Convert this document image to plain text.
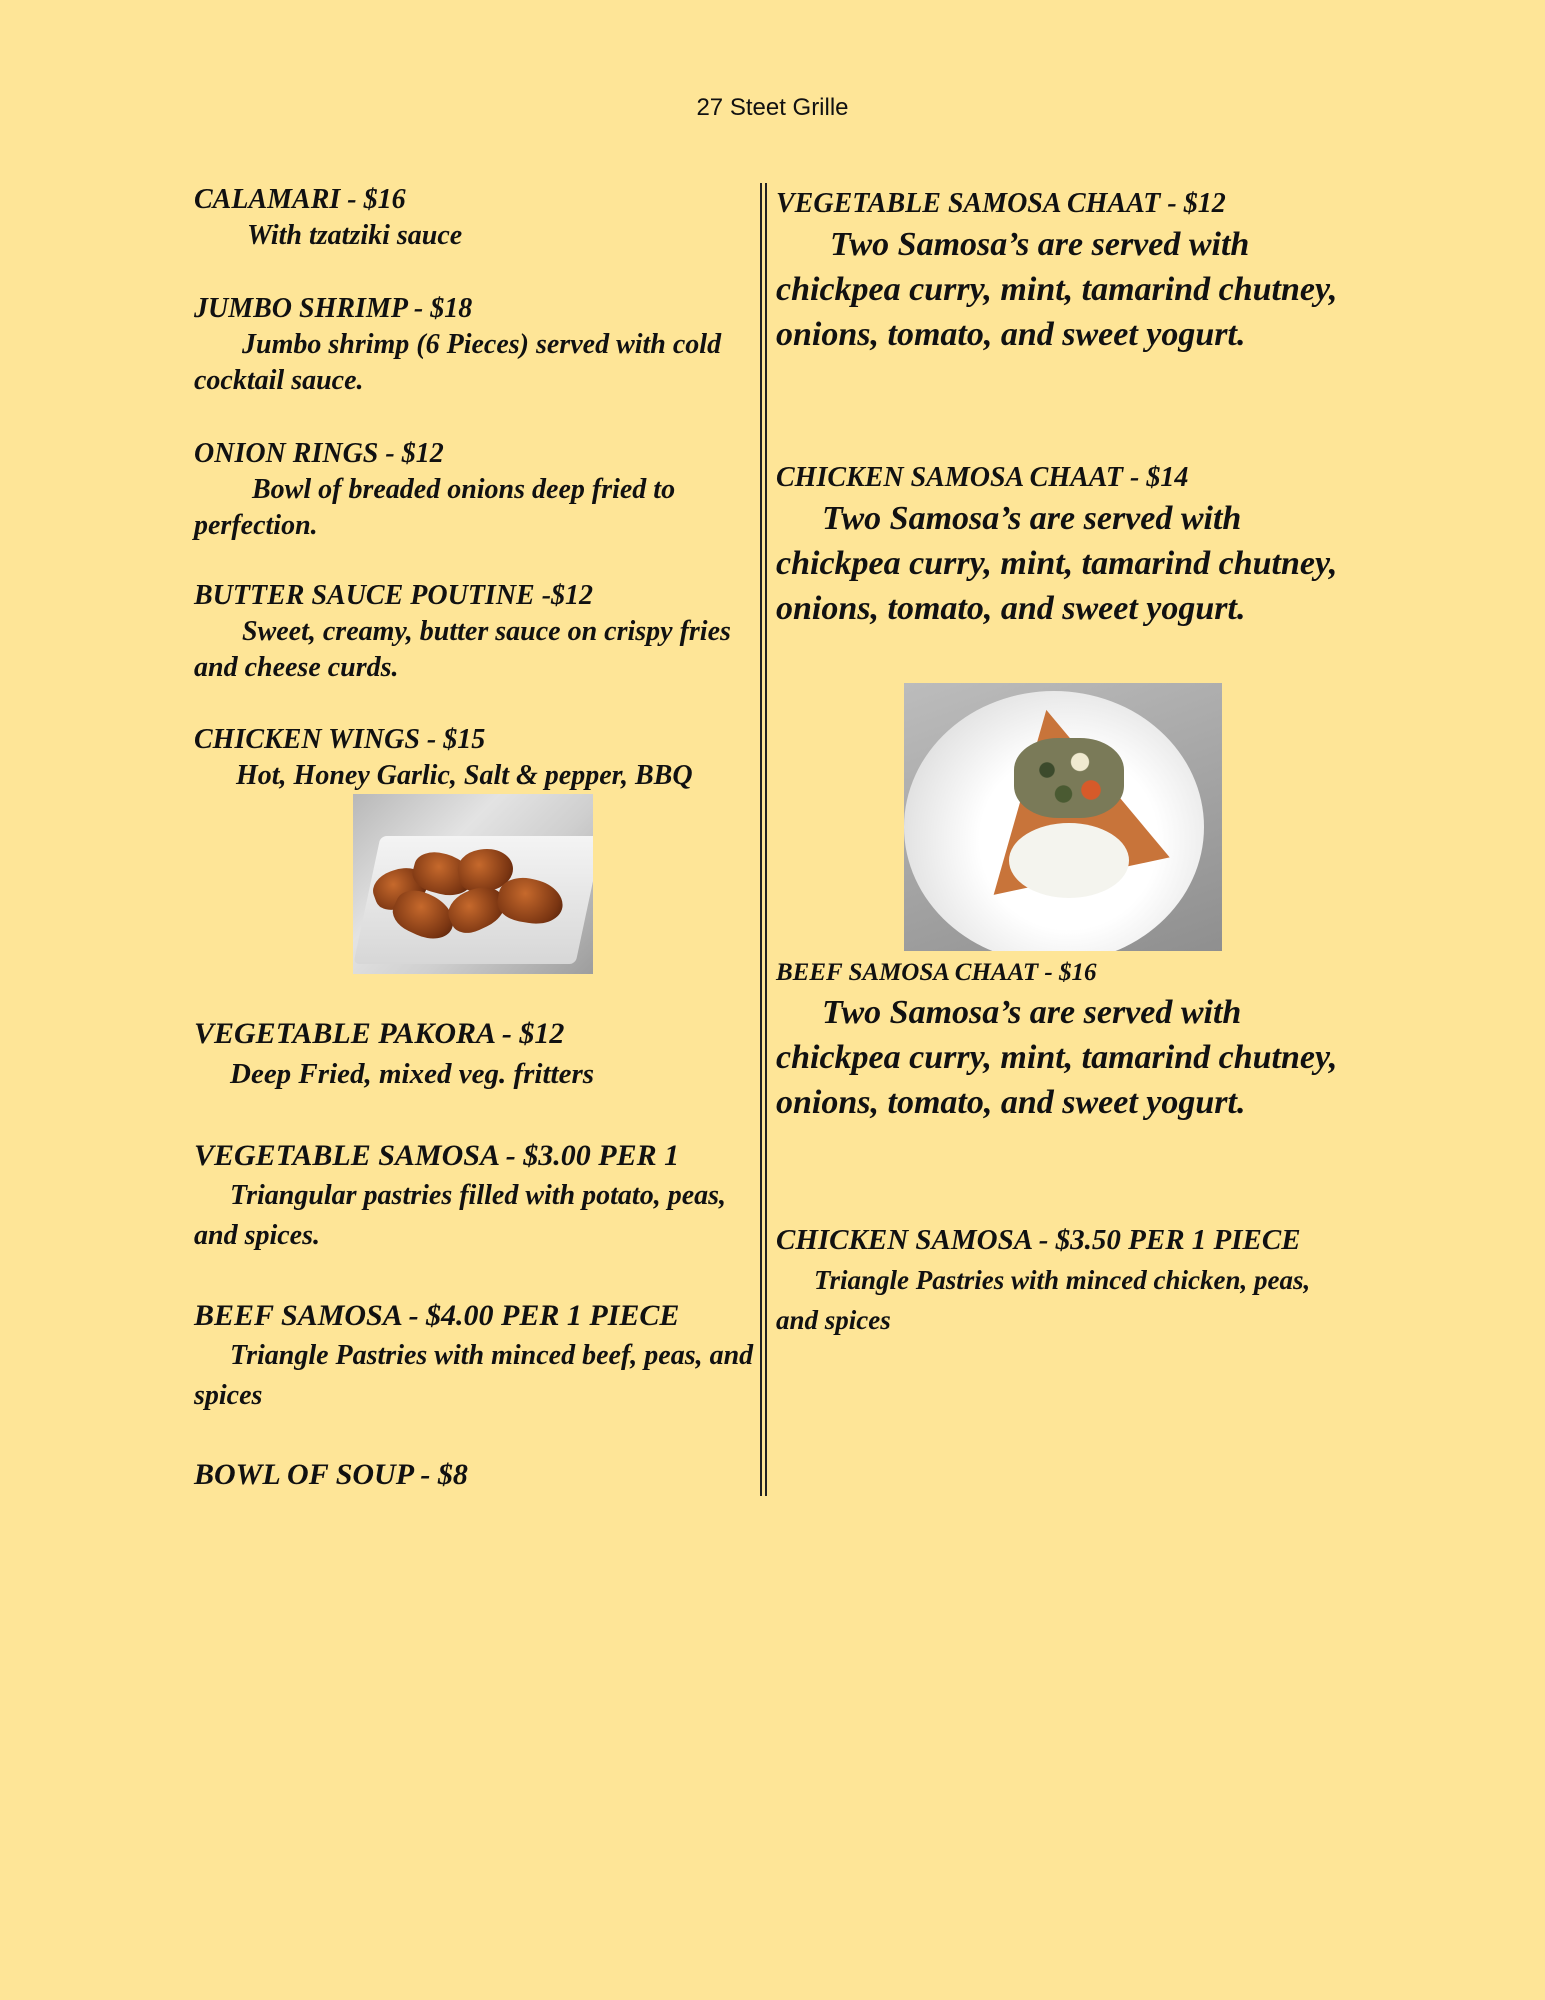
27 Steet Grille
CALAMARI - $16
With tzatziki sauce
JUMBO SHRIMP - $18
Jumbo shrimp (6 Pieces) served with cold cocktail sauce.
ONION RINGS - $12
Bowl of breaded onions deep fried to perfection.
BUTTER SAUCE POUTINE -$12
Sweet, creamy, butter sauce on crispy fries and cheese curds.
CHICKEN WINGS - $15
Hot, Honey Garlic, Salt & pepper, BBQ
VEGETABLE PAKORA - $12
Deep Fried, mixed veg. fritters
VEGETABLE SAMOSA - $3.00 PER 1
Triangular pastries filled with potato, peas, and spices.
BEEF SAMOSA - $4.00 PER 1 PIECE
Triangle Pastries with minced beef, peas, and spices
BOWL OF SOUP - $8
VEGETABLE SAMOSA CHAAT - $12
Two Samosa’s are served with chickpea curry, mint, tamarind chutney, onions, tomato, and sweet yogurt.
CHICKEN SAMOSA CHAAT - $14
Two Samosa’s are served with chickpea curry, mint, tamarind chutney, onions, tomato, and sweet yogurt.
BEEF SAMOSA CHAAT - $16
Two Samosa’s are served with chickpea curry, mint, tamarind chutney, onions, tomato, and sweet yogurt.
CHICKEN SAMOSA - $3.50 PER 1 PIECE
Triangle Pastries with minced chicken, peas, and spices
